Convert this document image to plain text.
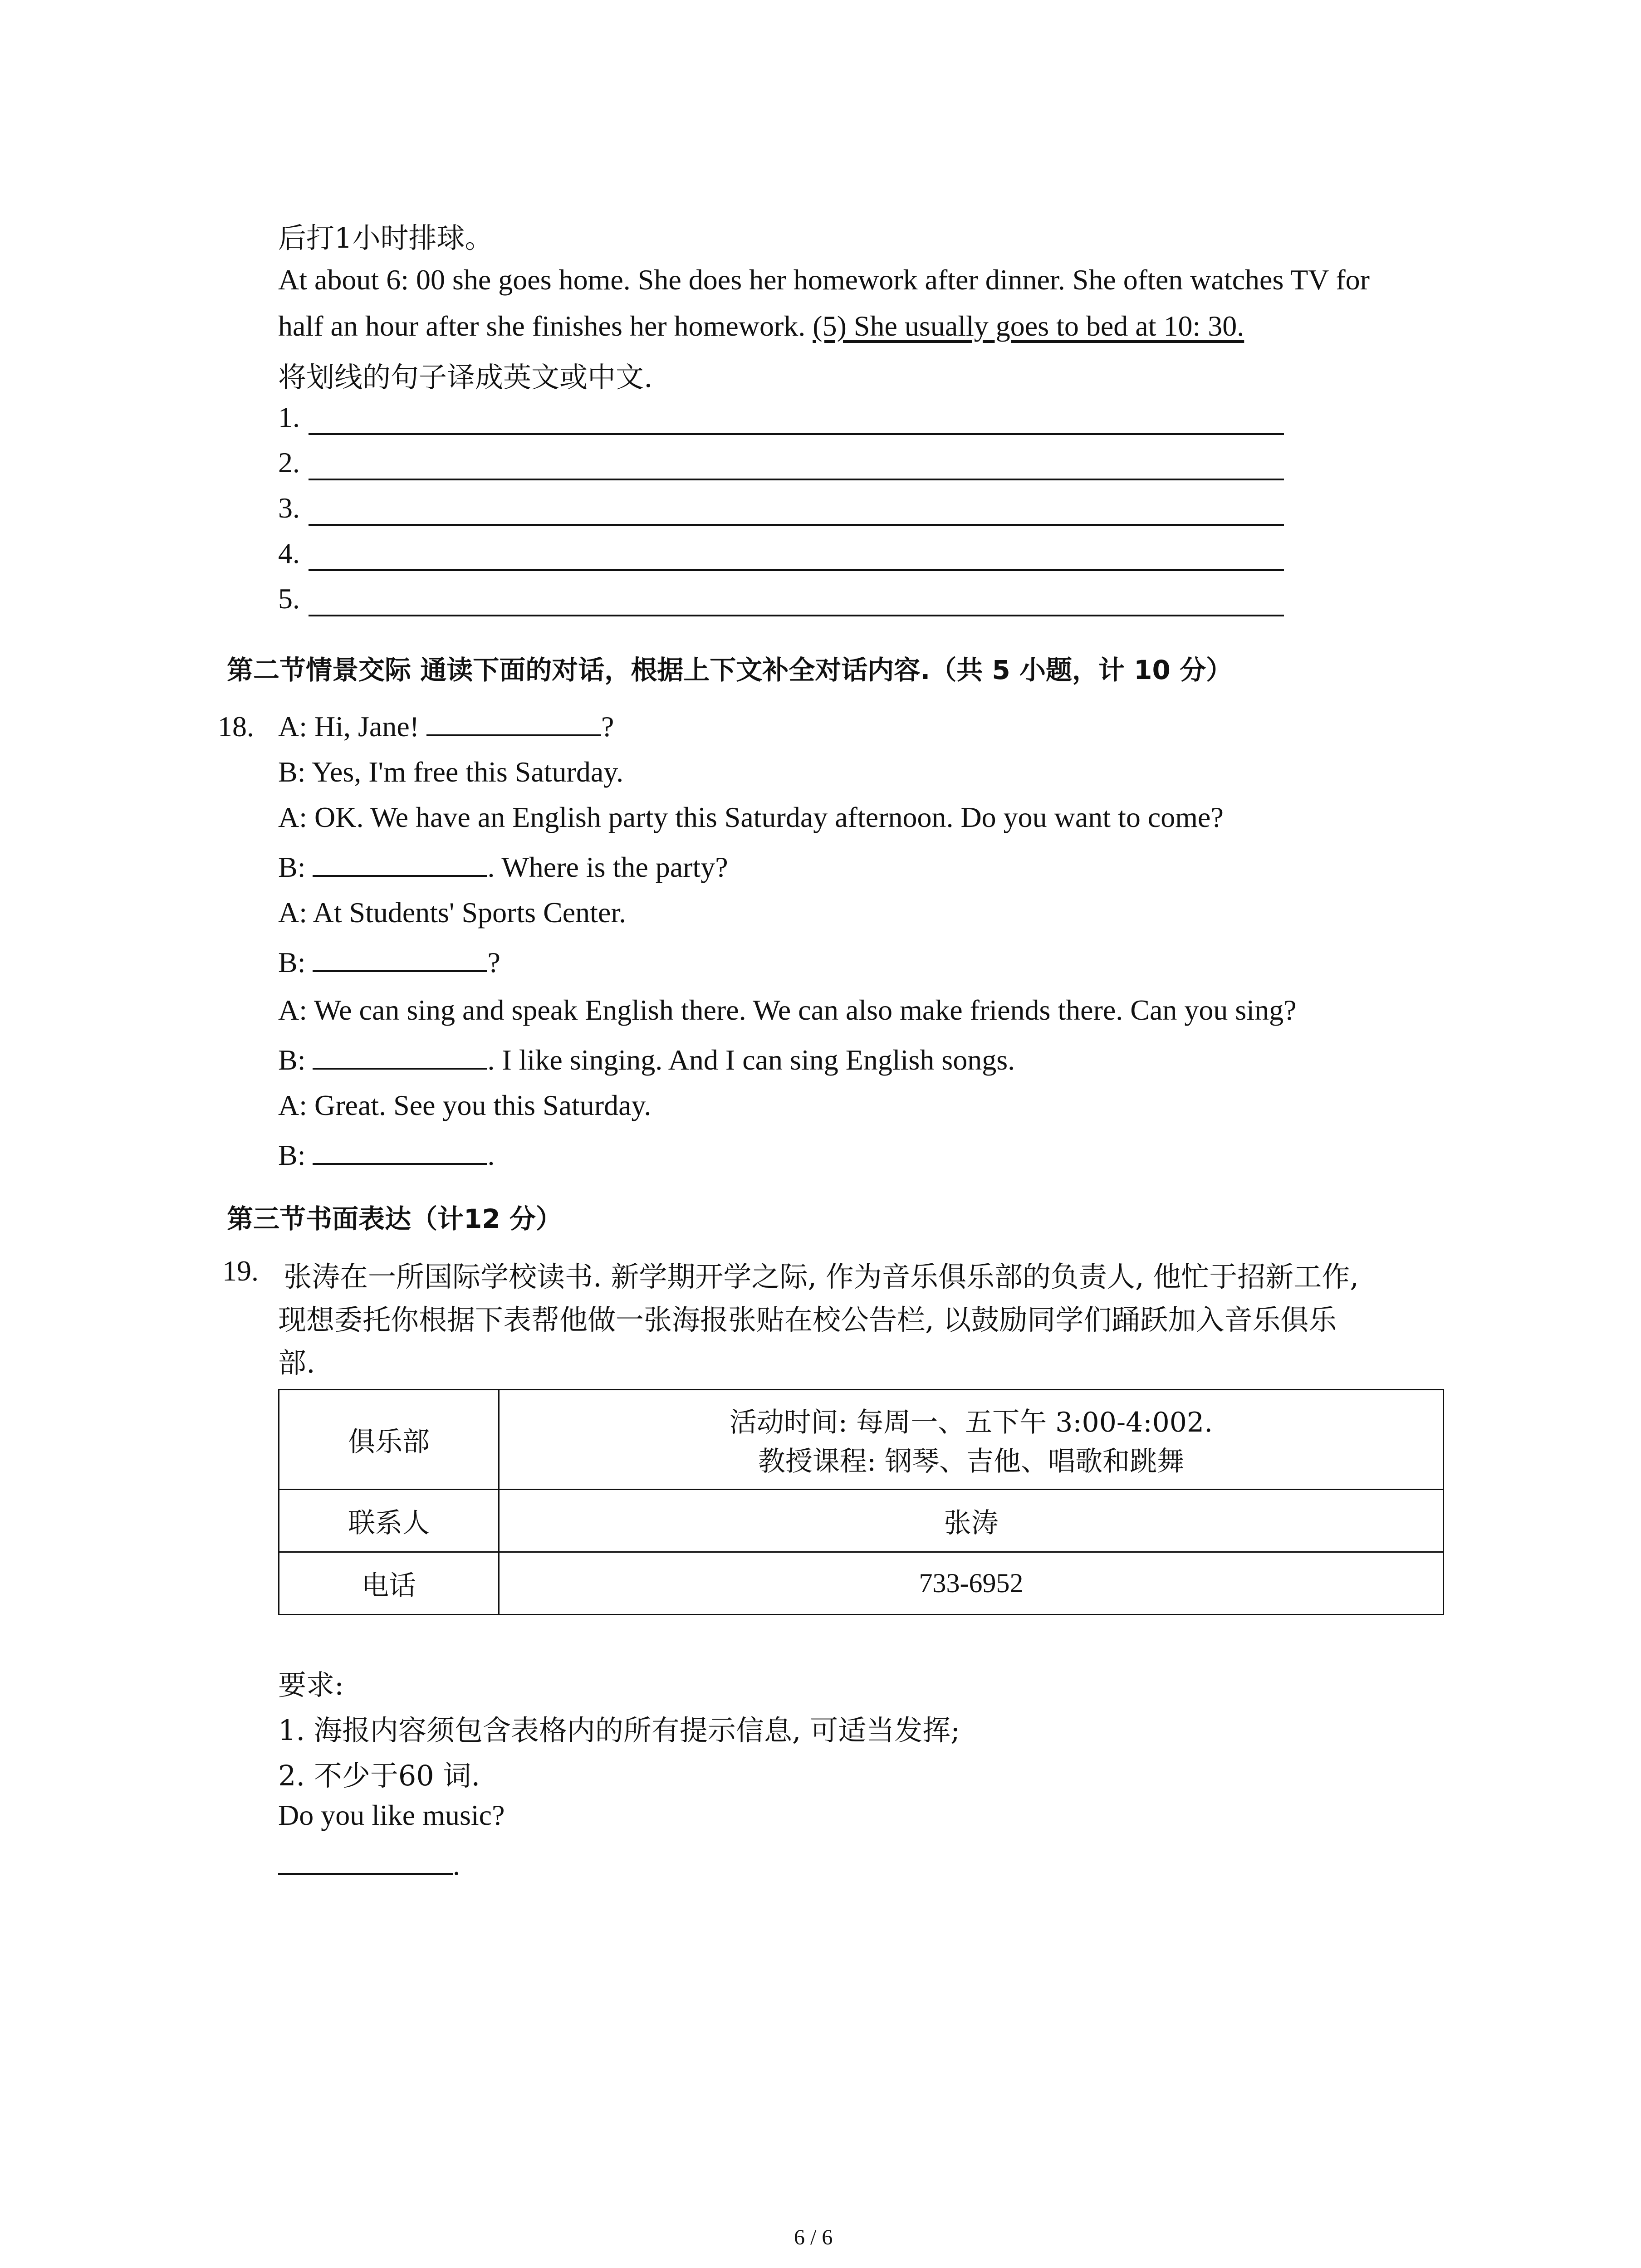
后打1小时排球。
At about 6: 00 she goes home. She does her homework after dinner. She often watches TV for
half an hour after she finishes her homework. (5) She usually goes to bed at 10: 30.
将划线的句子译成英文或中文.
1.
2.
3.
4.
5.
第二节情景交际 通读下面的对话，根据上下文补全对话内容.（共 5 小题，计 10 分）
18. A: Hi, Jane!	?
B: Yes, I'm free this Saturday.
A: OK. We have an English party this Saturday afternoon. Do you want to come?
B:	. Where is the party?
A: At Students' Sports Center.
B:	?
A: We can sing and speak English there. We can also make friends there. Can you sing?
B:	. I like singing. And I can sing English songs.
A: Great. See you this Saturday.
B:	.
第三节书面表达（计12 分）
19. 张涛在一所国际学校读书. 新学期开学之际, 作为音乐俱乐部的负责人, 他忙于招新工作,
现想委托你根据下表帮他做一张海报张贴在校公告栏, 以鼓励同学们踊跃加入音乐俱乐
部.
俱乐部	活动时间: 每周一、五下午 3:00-4:002.
教授课程: 钢琴、吉他、唱歌和跳舞

联系人	张涛
电话	733-6952
要求:
1. 海报内容须包含表格内的所有提示信息, 可适当发挥;
2. 不少于60 词.
Do you like music?
.
6 / 6
